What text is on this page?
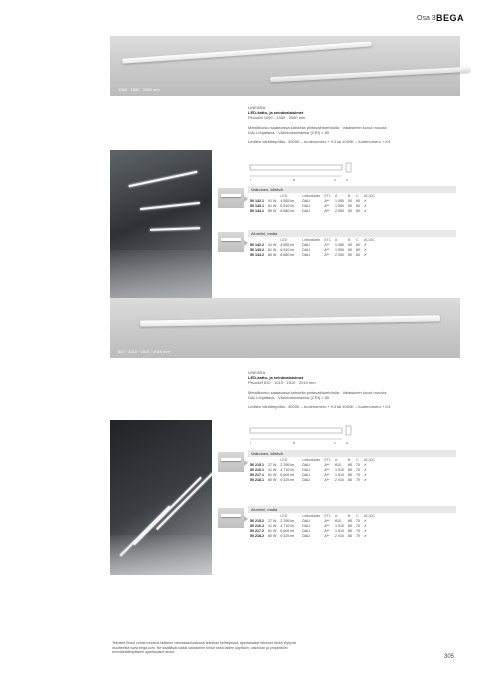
Osa 3 BEGA
1050 · 1550 · 2050 mm
LINEARA
LED-katto- ja seinävalaisimet
Pituudet 1050 · 1550 · 2050 mm
Metallirunko saatavissa kahdella pintavaihtoehdolla · Valaisimen kuvut muovia
DALI-ohjattava · Värintoistoindeksi (CRI) > 80
Lediten värilämpötila : 3000K – tuotenumero + K3 tai 4000K – tuotenumero + K4
l	B	C	·H·
Valkoinen, kiiltävä
		LED		Liitäntälaite	ETL	A	B	C	AC/DC
50 142.1	41 W	4 555 lm		DALI	A**	1 050	50	60	✔
50 143.1	61 W	6 510 lm		DALI	A**	1 550	50	60	✔
50 144.1	80 W	8 680 lm		DALI	A**	2 050	50	60	✔
Alumiini, matta
		LED		Liitäntälaite	ETL	A	B	C	AC/DC
50 142.2	41 W	4 555 lm		DALI	A**	1 050	50	60	✔
50 143.2	61 W	6 510 lm		DALI	A**	1 550	50	60	✔
50 144.2	80 W	8 680 lm		DALI	A**	2 050	50	60	✔
810 · 1010 · 1510 · 2010 mm
LINEARA
LED-katto- ja seinävalaisimet
Pituudet 810 · 1010 · 1510 · 2010 mm
Metallirunko saatavissa kahdella pintavaihtoehdolla · Valaisimen kuvut muovia
DALI-ohjattava · Värintoistoindeksi (CRI) > 80
Lediten värilämpötila : 3000K – tuotenumero + K3 tai 4000K – tuotenumero + K4
l	B	C	·H·
Valkoinen, kiiltävä
		LED		Liitäntälaite	ETL	A	B	C	AC/DC
50 215.1	27 W	2 295 lm		DALI	A**	810	85	70	✔
50 216.1	41 W	4 710 lm		DALI	A**	1 010	85	70	✔
50 217.1	61 W	6 605 lm		DALI	A**	1 510	85	70	✔
50 218.1	80 W	9 425 lm		DALI	A**	2 010	85	70	✔
Alumiini, matta
		LED		Liitäntälaite	ETL	A	B	C	AC/DC
50 215.2	27 W	2 295 lm		DALI	A**	810	85	70	✔
50 216.2	41 W	4 710 lm		DALI	A**	1 010	85	70	✔
50 217.2	61 W	6 605 lm		DALI	A**	1 510	85	70	✔
50 218.2	80 W	9 425 lm		DALI	A**	2 010	85	70	✔
Tekniset tiedot voivat muuttua laatteen valmassaoloaikana teknikan kehittyessä. Ajantasaiset tekniset tiedot löytyvät
osoitteesta www.bega.com. Ne sisältävät kaikki valaisimen tiedot sekä laiden käyttöön, valoviran ja ympäristön
erinnäistäämpäisten ajantasaiset ansot.
305
